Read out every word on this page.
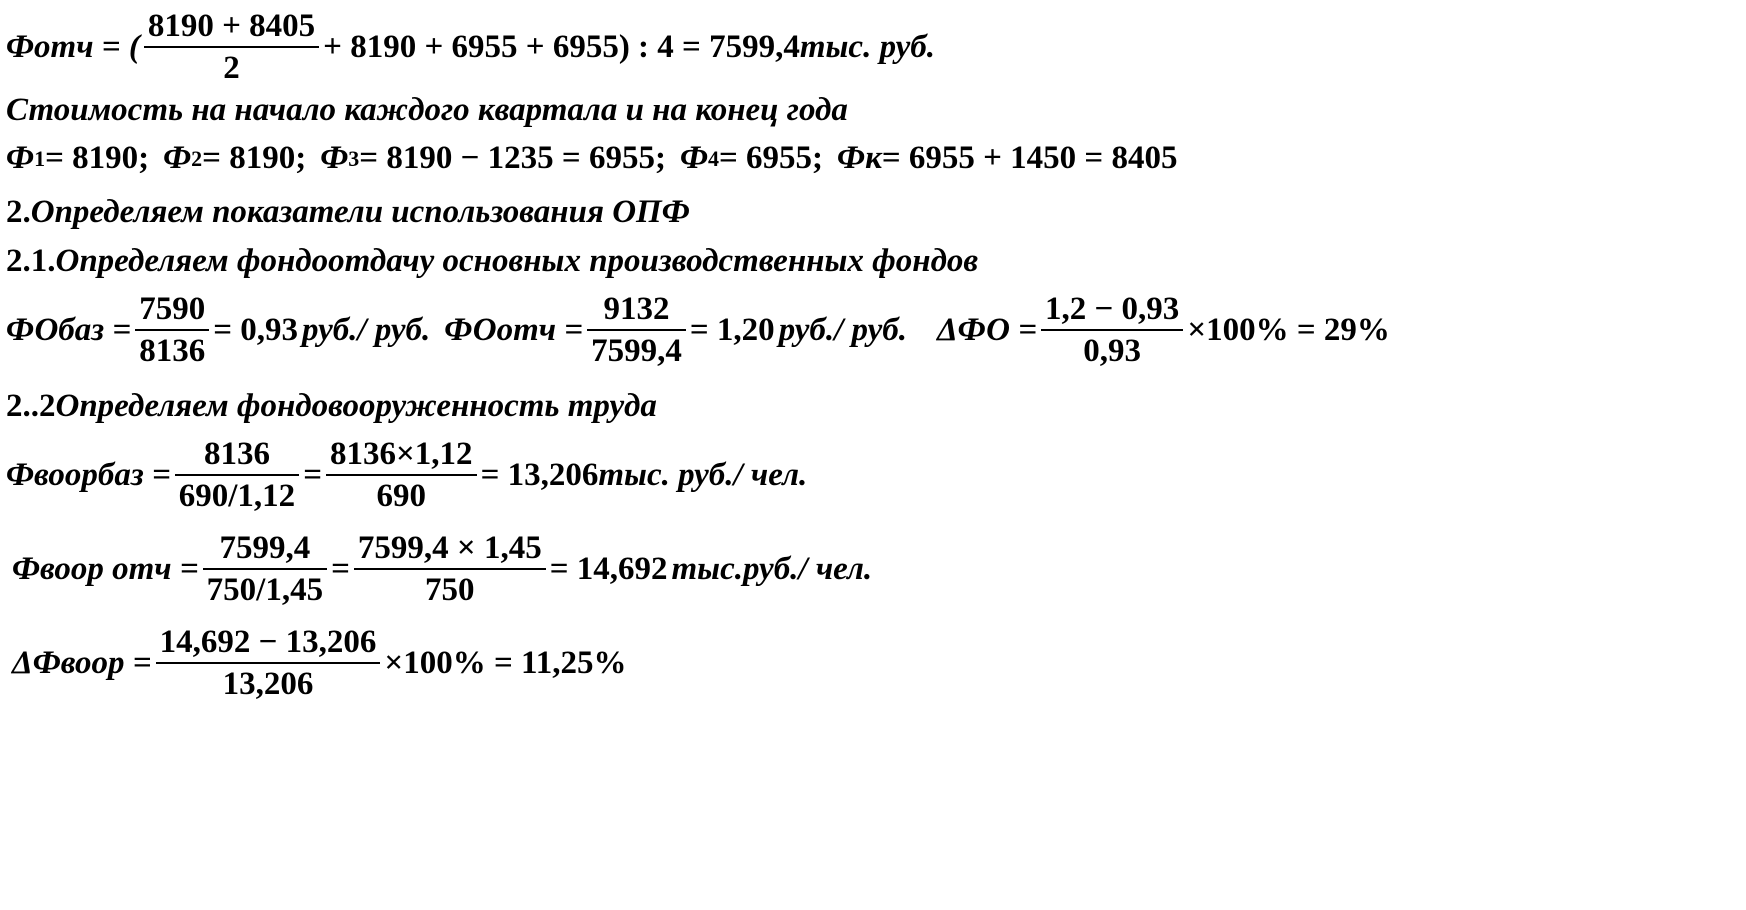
Фотч = ( $\frac{8190 + 8405}{2} + 8190 + 6955 + 6955$) : 4 = 7599,4 тыс. руб.
Стоимость на начало каждого квартала и на конец года
Ф 1 = 8190; Ф 2 = 8190; Ф 3 = 8190 − 1235 = 6955; Ф 4 = 6955; Фк = 6955 + 1450 = 8405
2. Определяем показатели использования ОПФ
2.1. Определяем фондоотдачу основных производственных фондов
ФОбаз = $\frac{7590}{8136} = 0,93$ руб./ руб. ФОотч = $\frac{9132}{7599,4} = 1,20$ руб./ руб. $\Delta ФО = \frac{1,2 - 0,93}{0,93} \times 100\% = 29\%$
2..2 Определяем фондовооруженность труда
Фвоорбаз = $\frac{8136}{690/1,12} = \frac{8136\times 1,12}{690} = 13,206$ тыс. руб./ чел.
Фвоор отч = $\frac{7599,4}{750/1,45} = \frac{7599,4 \times 1,45}{750} = 14,692$ тыс.руб./ чел.
ΔФвоор = $\frac{14,692 - 13,206}{13,206} \times 100\% = 11,25\%$
